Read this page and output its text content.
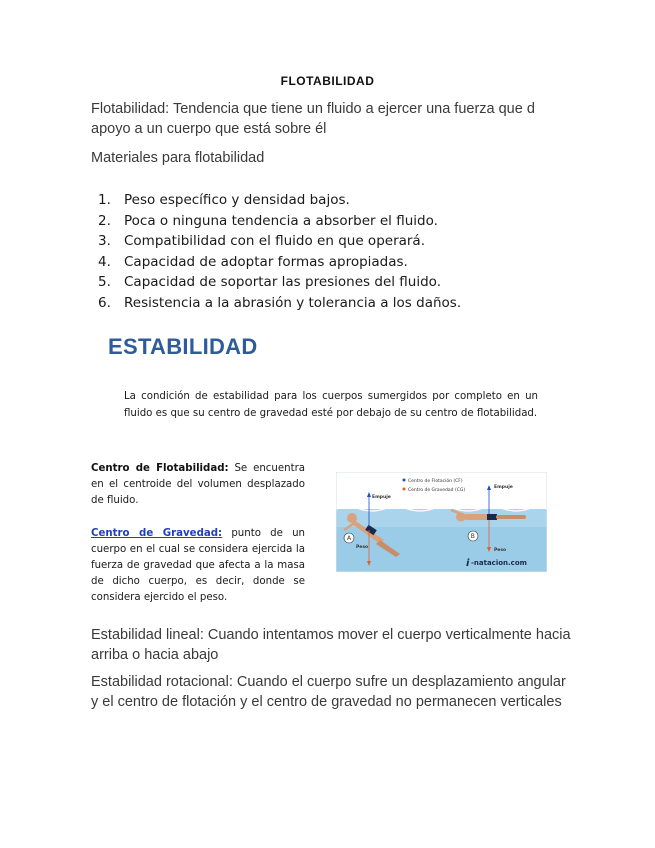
FLOTABILIDAD
Flotabilidad: Tendencia que tiene un fluido a ejercer una fuerza que d apoyo a un cuerpo que está sobre él
Materiales para flotabilidad
1. Peso específico y densidad bajos.
2. Poca o ninguna tendencia a absorber el fluido.
3. Compatibilidad con el fluido en que operará.
4. Capacidad de adoptar formas apropiadas.
5. Capacidad de soportar las presiones del fluido.
6. Resistencia a la abrasión y tolerancia a los daños.
ESTABILIDAD
La condición de estabilidad para los cuerpos sumergidos por completo en un fluido es que su centro de gravedad esté por debajo de su centro de flotabilidad.
Centro de Flotabilidad: Se encuentra en el centroide del volumen desplazado de fluido.
Centro de Gravedad: punto de un cuerpo en el cual se considera ejercida la fuerza de gravedad que afecta a la masa de dicho cuerpo, es decir, donde se considera ejercido el peso.
Centro de Flotación (CF)
Centro de Gravedad (CG)
Empuje
Peso
A
Empuje
Peso
B
i -natacion.com
Estabilidad lineal: Cuando intentamos mover el cuerpo verticalmente hacia arriba o hacia abajo
Estabilidad rotacional: Cuando el cuerpo sufre un desplazamiento angular y el centro de flotación y el centro de gravedad no permanecen verticales
